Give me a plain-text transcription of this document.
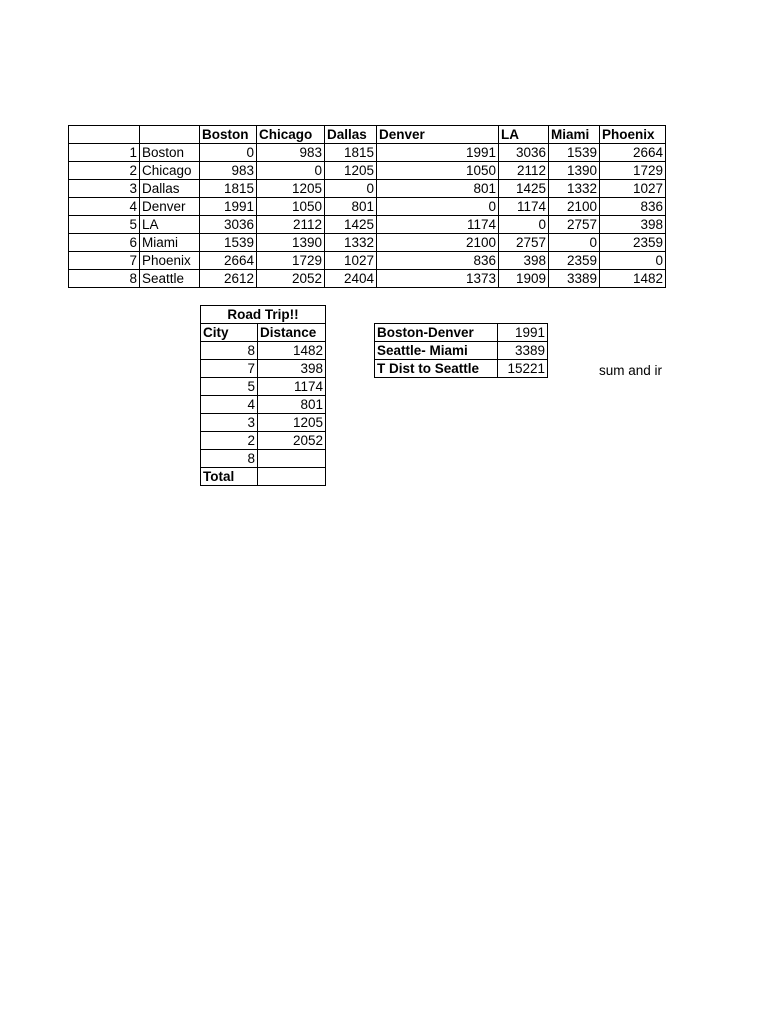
		Boston	Chicago	Dallas	Denver	LA	Miami	Phoenix
1	Boston	0	983	1815	1991	3036	1539	2664
2	Chicago	983	0	1205	1050	2112	1390	1729
3	Dallas	1815	1205	0	801	1425	1332	1027
4	Denver	1991	1050	801	0	1174	2100	836
5	LA	3036	2112	1425	1174	0	2757	398
6	Miami	1539	1390	1332	2100	2757	0	2359
7	Phoenix	2664	1729	1027	836	398	2359	0
8	Seattle	2612	2052	2404	1373	1909	3389	1482
Road Trip!!	
City	Distance
8	1482
7	398
5	1174
4	801
3	1205
2	2052
8	
Total	
Boston-Denver	1991
Seattle- Miami	3389
T Dist to Seattle	15221	sum and ir
